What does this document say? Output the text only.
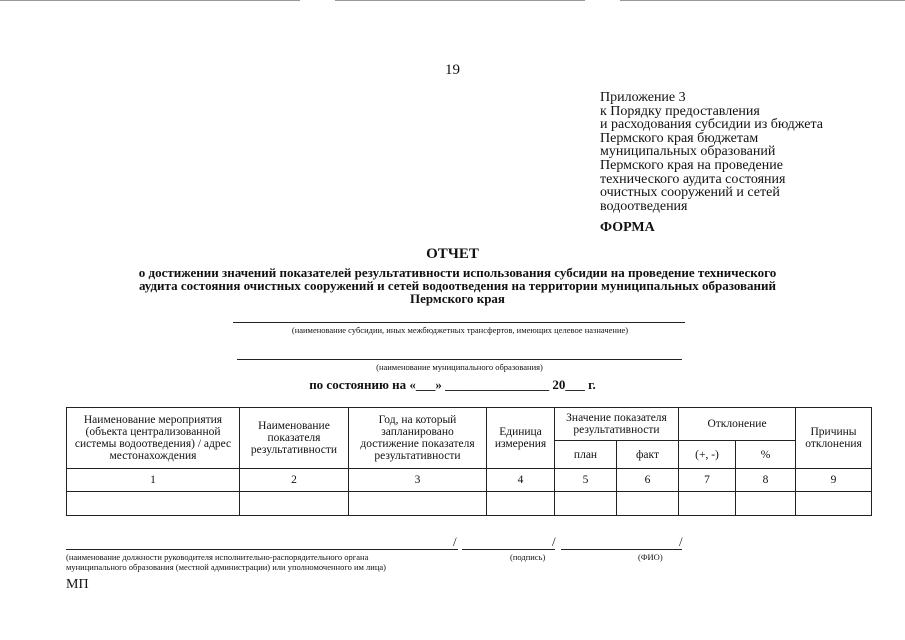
19
Приложение 3
к Порядку предоставления
и расходования субсидии из бюджета
Пермского края бюджетам
муниципальных образований
Пермского края на проведение
технического аудита состояния
очистных сооружений и сетей
водоотведения
ФОРМА
ОТЧЕТ
о достижении значений показателей результативности использования субсидии на проведение технического
аудита состояния очистных сооружений и сетей водоотведения на территории муниципальных образований
Пермского края
(наименование субсидии, иных межбюджетных трансфертов, имеющих целевое назначение)
(наименование муниципального образования)
по состоянию на «___» ________________ 20___ г.
Наименование мероприятия (объекта централизованной системы водоотведения) / адрес местонахождения	Наименование показателя результативности	Год, на который запланировано достижение показателя результативности	Единица измерения	Значение показателя результативности		Отклонение		Причины отклонения
				план	факт	(+, -)	%	
1	2	3	4	5	6	7	8	9

/	/	/
(наименование должности руководителя исполнительно-распорядительного органа
муниципального образования (местной администрации) или уполномоченного им лица)
(подпись)	(ФИО)
МП
